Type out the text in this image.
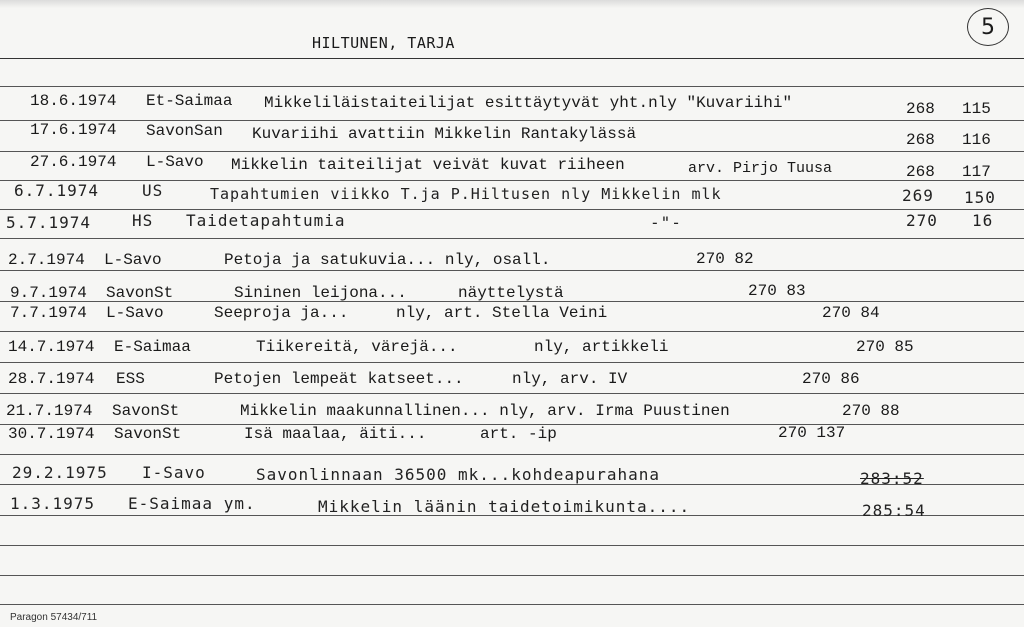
HILTUNEN, TARJA
5
18.6.1974 Et-Saimaa Mikkeliläistaiteilijat esittäytyvät yht.nly "Kuvariihi"	268 115
17.6.1974 SavonSan Kuvariihi avattiin Mikkelin Rantakylässä	268 116
27.6.1974 L-Savo Mikkelin taiteilijat veivät kuvat riiheen	arv. Pirjo Tuusa	268 117
6.7.1974	US	Tapahtumien viikko T.ja P.Hiltusen nly Mikkelin mlk	269 150
5.7.1974	HS Taidetapahtumia	-"-	270 16
2.7.1974 L-Savo	Petoja ja satukuvia... nly, osall.	270 82
9.7.1974 SavonSt	Sininen leijona...	näyttelystä	270 83
7.7.1974 L-Savo	Seeproja ja...	nly, art. Stella Veini	270 84
14.7.1974 E-Saimaa	Tiikereitä, värejä...	nly, artikkeli	270 85
28.7.1974 ESS	Petojen lempeät katseet...	nly, arv. IV	270 86
21.7.1974 SavonSt	Mikkelin maakunnallinen... nly, arv. Irma Puustinen	270 88
30.7.1974 SavonSt	Isä maalaa, äiti...	art. -ip	270 137
29.2.1975 I-Savo	Savonlinnaan 36500 mk...kohdeapurahana	283:52
1.3.1975 E-Saimaa ym.	Mikkelin läänin taidetoimikunta....	285:54
Paragon 57434/711
